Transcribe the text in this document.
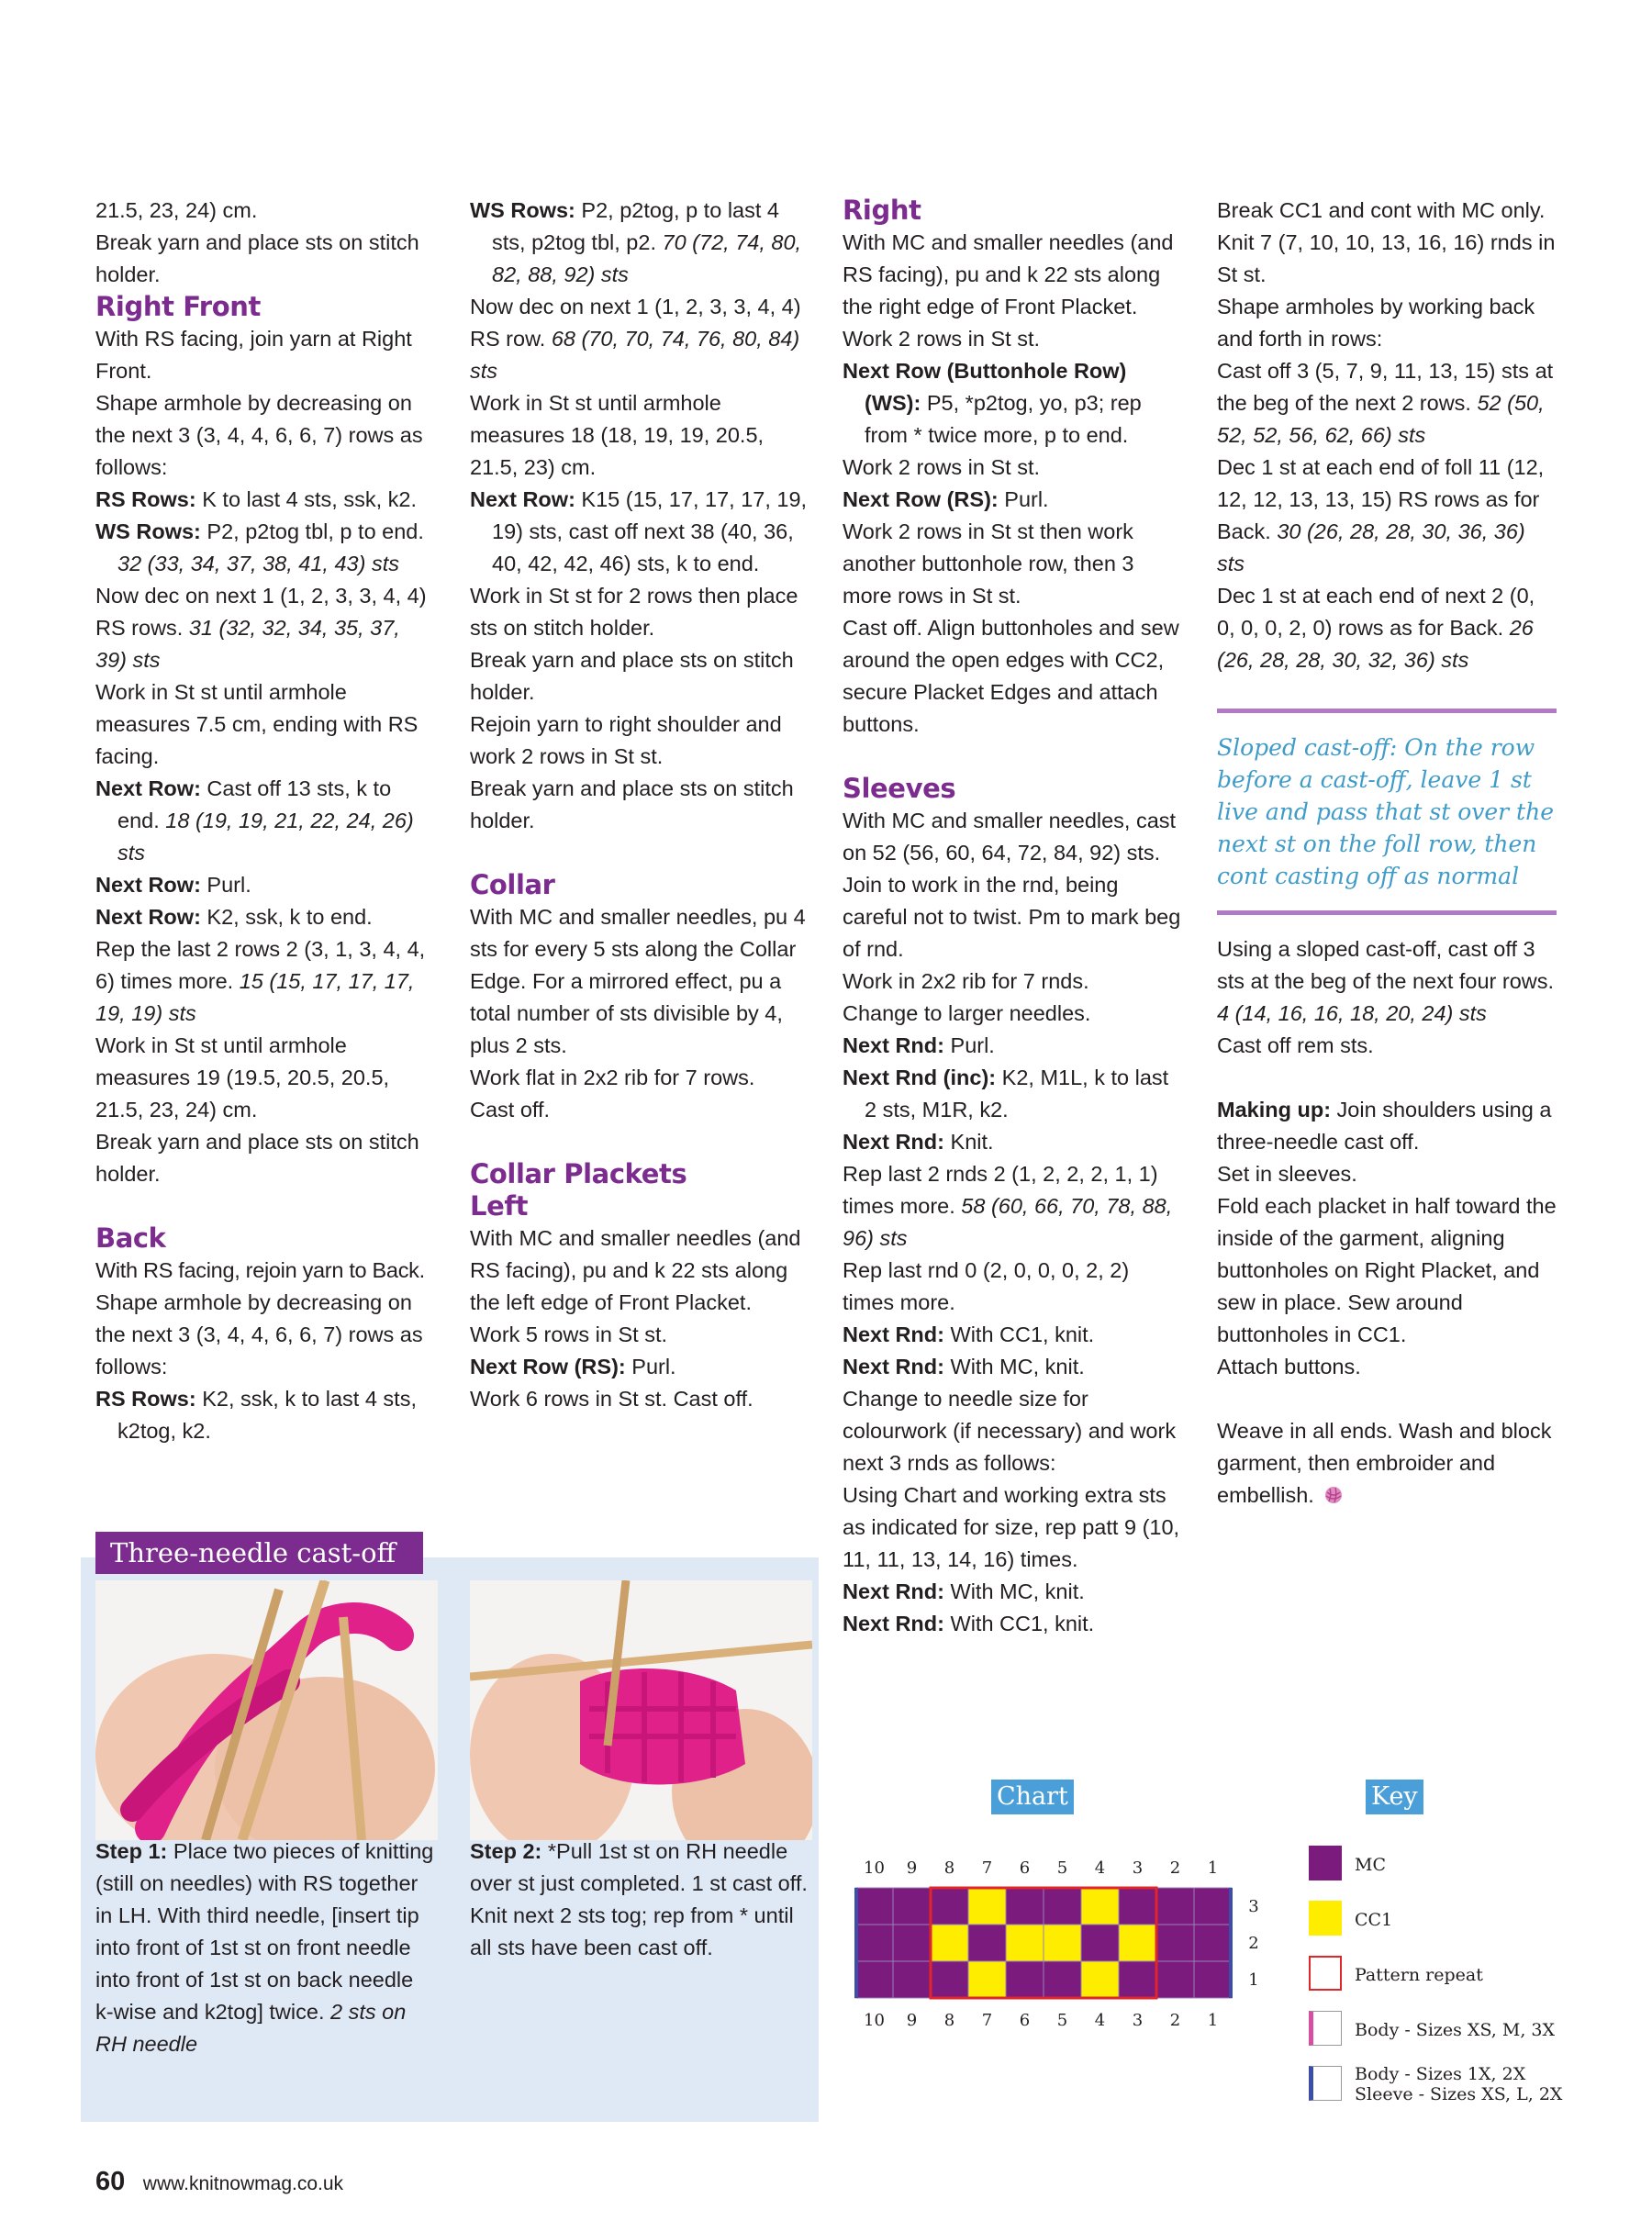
21.5, 23, 24) cm.

Break yarn and place sts on stitch holder.

Right Front

With RS facing, join yarn at Right Front.

Shape armhole by decreasing on the next 3 (3, 4, 4, 6, 6, 7) rows as follows:

RS Rows: K to last 4 sts, ssk, k2.

WS Rows: P2, p2tog tbl, p to end. 32 (33, 34, 37, 38, 41, 43) sts

Now dec on next 1 (1, 2, 3, 3, 4, 4) RS rows. 31 (32, 32, 34, 35, 37, 39) sts

Work in St st until armhole measures 7.5 cm, ending with RS facing.

Next Row: Cast off 13 sts, k to end. 18 (19, 19, 21, 22, 24, 26) sts

Next Row: Purl.

Next Row: K2, ssk, k to end.

Rep the last 2 rows 2 (3, 1, 3, 4, 4, 6) times more. 15 (15, 17, 17, 17, 19, 19) sts

Work in St st until armhole measures 19 (19.5, 20.5, 20.5, 21.5, 23, 24) cm.

Break yarn and place sts on stitch holder.

Back

With RS facing, rejoin yarn to Back.

Shape armhole by decreasing on the next 3 (3, 4, 4, 6, 6, 7) rows as follows:

RS Rows: K2, ssk, k to last 4 sts, k2tog, k2.

WS Rows: P2, p2tog, p to last 4 sts, p2tog tbl, p2. 70 (72, 74, 80, 82, 88, 92) sts

Now dec on next 1 (1, 2, 3, 3, 4, 4) RS row. 68 (70, 70, 74, 76, 80, 84) sts

Work in St st until armhole measures 18 (18, 19, 19, 20.5, 21.5, 23) cm.

Next Row: K15 (15, 17, 17, 17, 19, 19) sts, cast off next 38 (40, 36, 40, 42, 42, 46) sts, k to end.

Work in St st for 2 rows then place sts on stitch holder.

Break yarn and place sts on stitch holder.

Rejoin yarn to right shoulder and work 2 rows in St st.

Break yarn and place sts on stitch holder.

Collar

With MC and smaller needles, pu 4 sts for every 5 sts along the Collar Edge. For a mirrored effect, pu a total number of sts divisible by 4, plus 2 sts.

Work flat in 2x2 rib for 7 rows.

Cast off.

Collar Plackets
Left

With MC and smaller needles (and RS facing), pu and k 22 sts along the left edge of Front Placket.

Work 5 rows in St st.

Next Row (RS): Purl.

Work 6 rows in St st. Cast off.

Right

With MC and smaller needles (and RS facing), pu and k 22 sts along the right edge of Front Placket.

Work 2 rows in St st.

Next Row (Buttonhole Row) (WS): P5, *p2tog, yo, p3; rep from * twice more, p to end.

Work 2 rows in St st.

Next Row (RS): Purl.

Work 2 rows in St st then work another buttonhole row, then 3 more rows in St st.

Cast off. Align buttonholes and sew around the open edges with CC2, secure Placket Edges and attach buttons.

Sleeves

With MC and smaller needles, cast on 52 (56, 60, 64, 72, 84, 92) sts. Join to work in the rnd, being careful not to twist. Pm to mark beg of rnd.

Work in 2x2 rib for 7 rnds.

Change to larger needles.

Next Rnd: Purl.

Next Rnd (inc): K2, M1L, k to last 2 sts, M1R, k2.

Next Rnd: Knit.

Rep last 2 rnds 2 (1, 2, 2, 2, 1, 1) times more. 58 (60, 66, 70, 78, 88, 96) sts

Rep last rnd 0 (2, 0, 0, 0, 2, 2) times more.

Next Rnd: With CC1, knit.

Next Rnd: With MC, knit.

Change to needle size for colourwork (if necessary) and work next 3 rnds as follows:

Using Chart and working extra sts as indicated for size, rep patt 9 (10, 11, 11, 13, 14, 16) times.

Next Rnd: With MC, knit.

Next Rnd: With CC1, knit.

Break CC1 and cont with MC only.

Knit 7 (7, 10, 10, 13, 16, 16) rnds in St st.

Shape armholes by working back and forth in rows:

Cast off 3 (5, 7, 9, 11, 13, 15) sts at the beg of the next 2 rows. 52 (50, 52, 52, 56, 62, 66) sts

Dec 1 st at each end of foll 11 (12, 12, 12, 13, 13, 15) RS rows as for Back. 30 (26, 28, 28, 30, 36, 36) sts

Dec 1 st at each end of next 2 (0, 0, 0, 0, 2, 0) rows as for Back. 26 (26, 28, 28, 30, 32, 36) sts

Sloped cast-off: On the row before a cast-off, leave 1 st live and pass that st over the next st on the foll row, then cont casting off as normal

Using a sloped cast-off, cast off 3 sts at the beg of the next four rows. 4 (14, 16, 16, 18, 20, 24) sts

Cast off rem sts.

Making up: Join shoulders using a three-needle cast off.

Set in sleeves.

Fold each placket in half toward the inside of the garment, aligning buttonholes on Right Placket, and sew in place. Sew around buttonholes in CC1.

Attach buttons.

Weave in all ends. Wash and block garment, then embroider and embellish.

Three-needle cast-off

Step 1: Place two pieces of knitting (still on needles) with RS together in LH. With third needle, [insert tip into front of 1st st on front needle into front of 1st st on back needle k-wise and k2tog] twice. 2 sts on RH needle

Step 2: *Pull 1st st on RH needle over st just completed. 1 st cast off. Knit next 2 sts tog; rep from * until all sts have been cast off.

Chart	Key
10
10
9
9
8
8
7
7
6
6
5
5
4
4
3
3
2
2
1
1
3
2
1
MC
CC1
Pattern repeat
Body - Sizes XS, M, 3X
Body - Sizes 1X, 2X
Sleeve - Sizes XS, L, 2X
60 www.knitnowmag.co.uk
